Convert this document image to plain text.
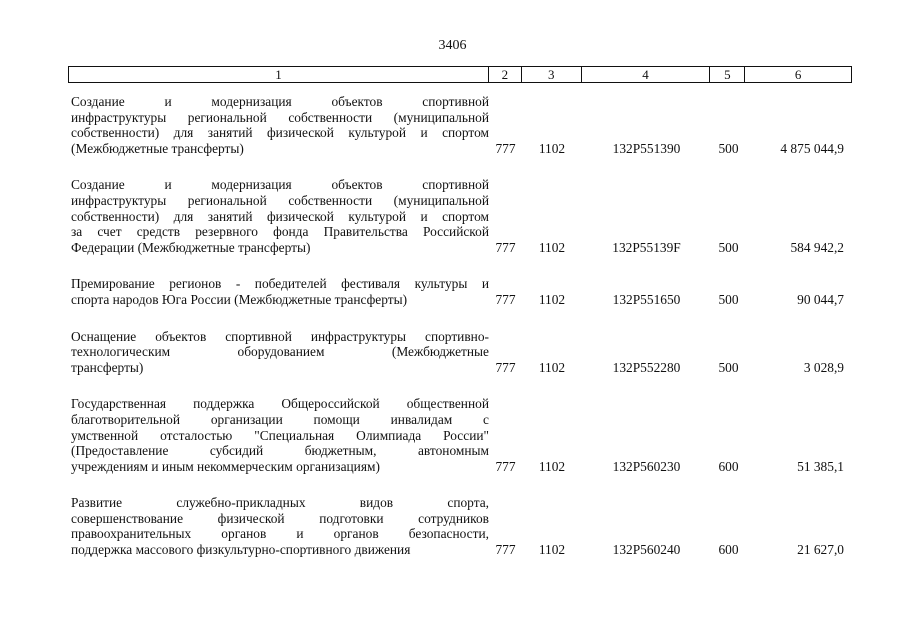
3406
1	2	3	4	5	6
Создание и модернизация объектов спортивной
инфраструктуры региональной собственности (муниципальной
собственности) для занятий физической культурой и спортом
(Межбюджетные трансферты)	777	1102	132P551390	500	4 875 044,9
Создание и модернизация объектов спортивной
инфраструктуры региональной собственности (муниципальной
собственности) для занятий физической культурой и спортом
за счет средств резервного фонда Правительства Российской
Федерации (Межбюджетные трансферты)	777	1102	132P55139F	500	584 942,2
Премирование регионов - победителей фестиваля культуры и
спорта народов Юга России (Межбюджетные трансферты)	777	1102	132P551650	500	90 044,7
Оснащение объектов спортивной инфраструктуры спортивно-
технологическим оборудованием (Межбюджетные
трансферты)	777	1102	132P552280	500	3 028,9
Государственная поддержка Общероссийской общественной
благотворительной организации помощи инвалидам с
умственной отсталостью "Специальная Олимпиада России"
(Предоставление субсидий бюджетным, автономным
учреждениям и иным некоммерческим организациям)	777	1102	132P560230	600	51 385,1
Развитие служебно-прикладных видов спорта,
совершенствование физической подготовки сотрудников
правоохранительных органов и органов безопасности,
поддержка массового физкультурно-спортивного движения	777	1102	132P560240	600	21 627,0
